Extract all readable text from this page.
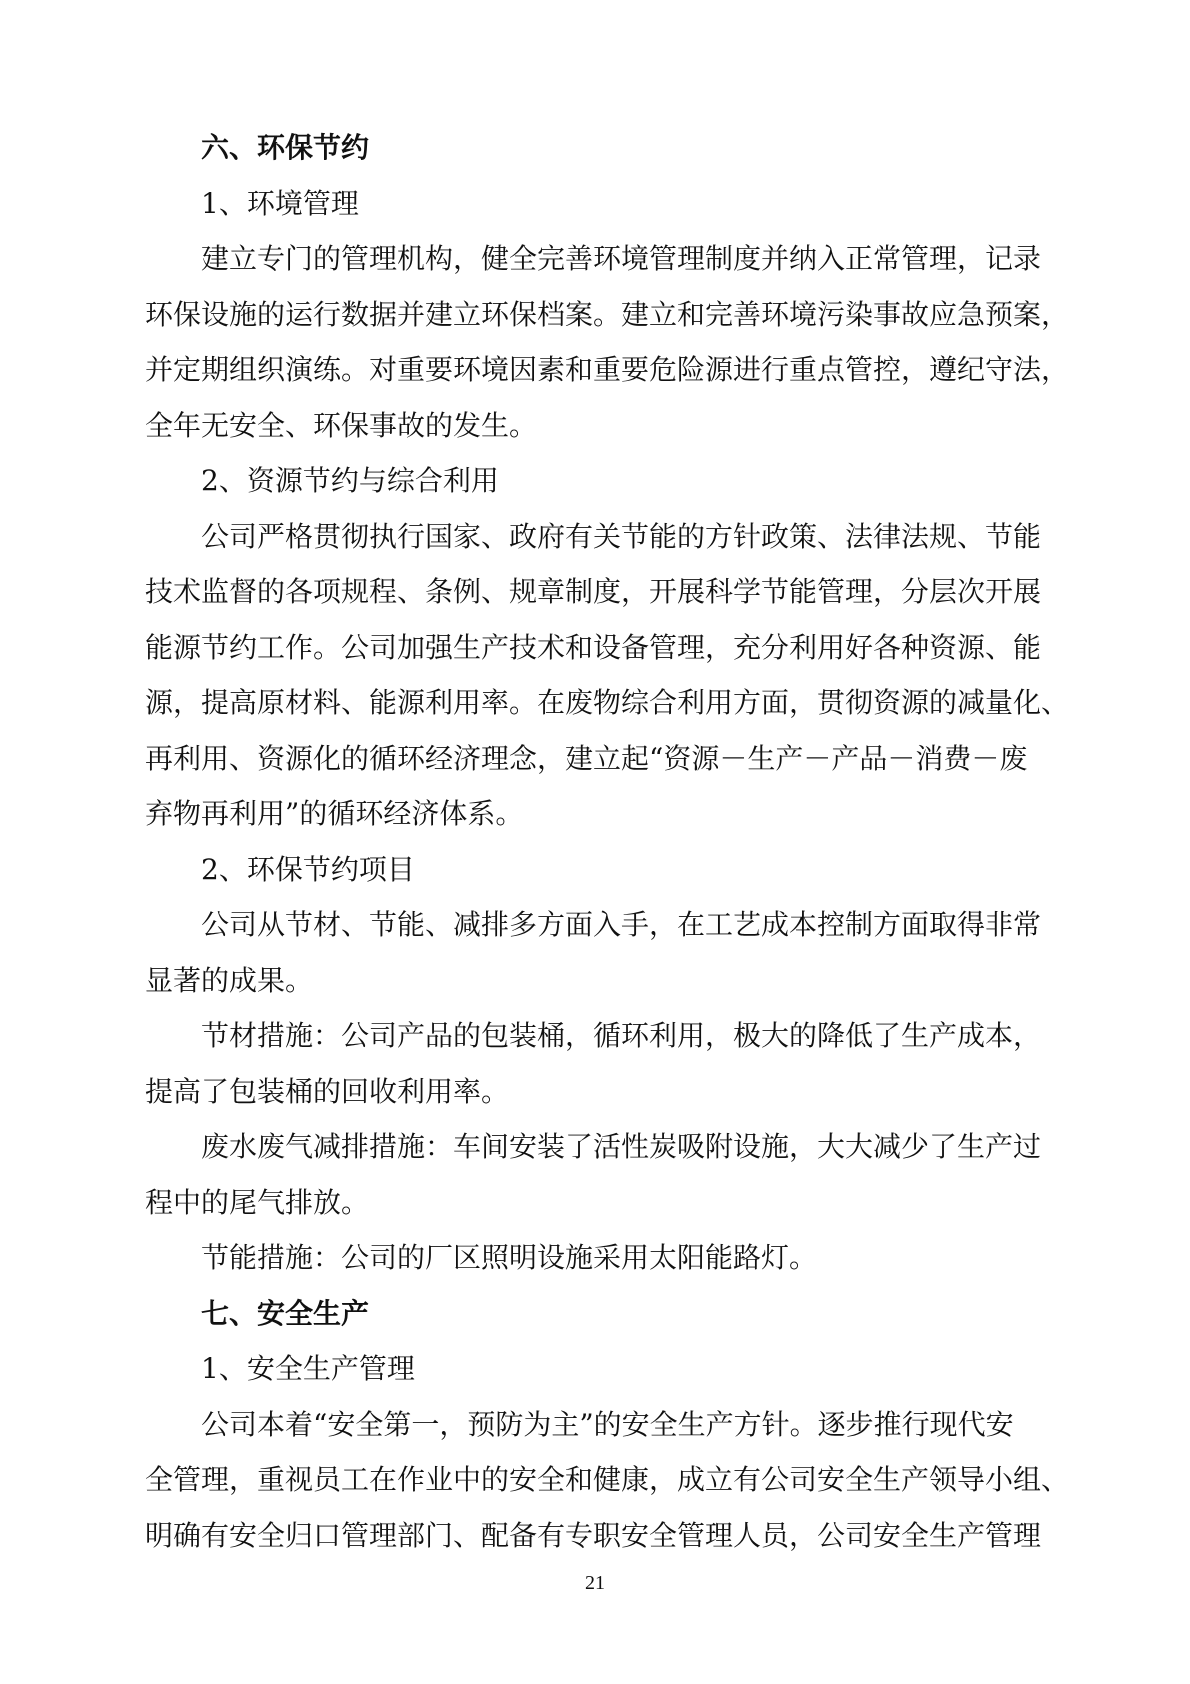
六、环保节约

1、环境管理

建立专门的管理机构，健全完善环境管理制度并纳入正常管理，记录

环保设施的运行数据并建立环保档案。建立和完善环境污染事故应急预案，

并定期组织演练。对重要环境因素和重要危险源进行重点管控，遵纪守法，

全年无安全、环保事故的发生。

2、资源节约与综合利用

公司严格贯彻执行国家、政府有关节能的方针政策、法律法规、节能

技术监督的各项规程、条例、规章制度，开展科学节能管理，分层次开展

能源节约工作。公司加强生产技术和设备管理，充分利用好各种资源、能

源，提高原材料、能源利用率。在废物综合利用方面，贯彻资源的减量化、

再利用、资源化的循环经济理念，建立起“资源－生产－产品－消费－废

弃物再利用”的循环经济体系。

2、环保节约项目

公司从节材、节能、减排多方面入手，在工艺成本控制方面取得非常

显著的成果。

节材措施：公司产品的包装桶，循环利用，极大的降低了生产成本，

提高了包装桶的回收利用率。

废水废气减排措施：车间安装了活性炭吸附设施，大大减少了生产过

程中的尾气排放。

节能措施：公司的厂区照明设施采用太阳能路灯。

七、安全生产

1、安全生产管理

公司本着“安全第一，预防为主”的安全生产方针。逐步推行现代安

全管理，重视员工在作业中的安全和健康，成立有公司安全生产领导小组、

明确有安全归口管理部门、配备有专职安全管理人员，公司安全生产管理

21
